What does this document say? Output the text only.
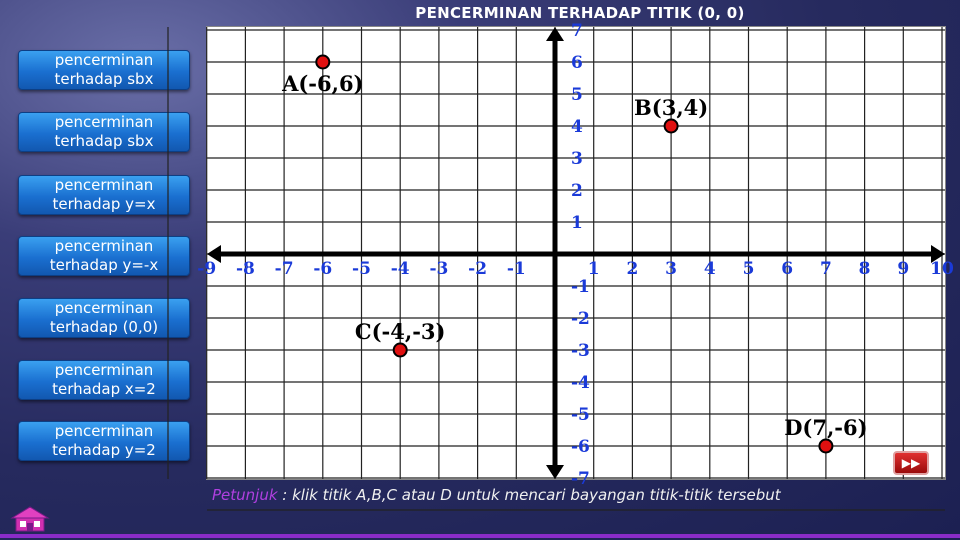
PENCERMINAN TERHADAP TITIK (0, 0)
pencerminan
terhadap sbx
pencerminan
terhadap sbx
pencerminan
terhadap y=x
pencerminan
terhadap y=-x
pencerminan
terhadap (0,0)
pencerminan
terhadap x=2
pencerminan
terhadap y=2
-9 -8 -7 -6 -5 -4 -3 -2 -1	1 2 3 4 5 6 7 8 9 10
7
6
5
4
3
2
1
-1
-2
-3
-4
-5
-6
-7
A(-6,6)
B(3,4)
C(-4,-3)
D(7,-6)
▶▶
Petunjuk : klik titik A,B,C atau D untuk mencari bayangan titik-titik tersebut
